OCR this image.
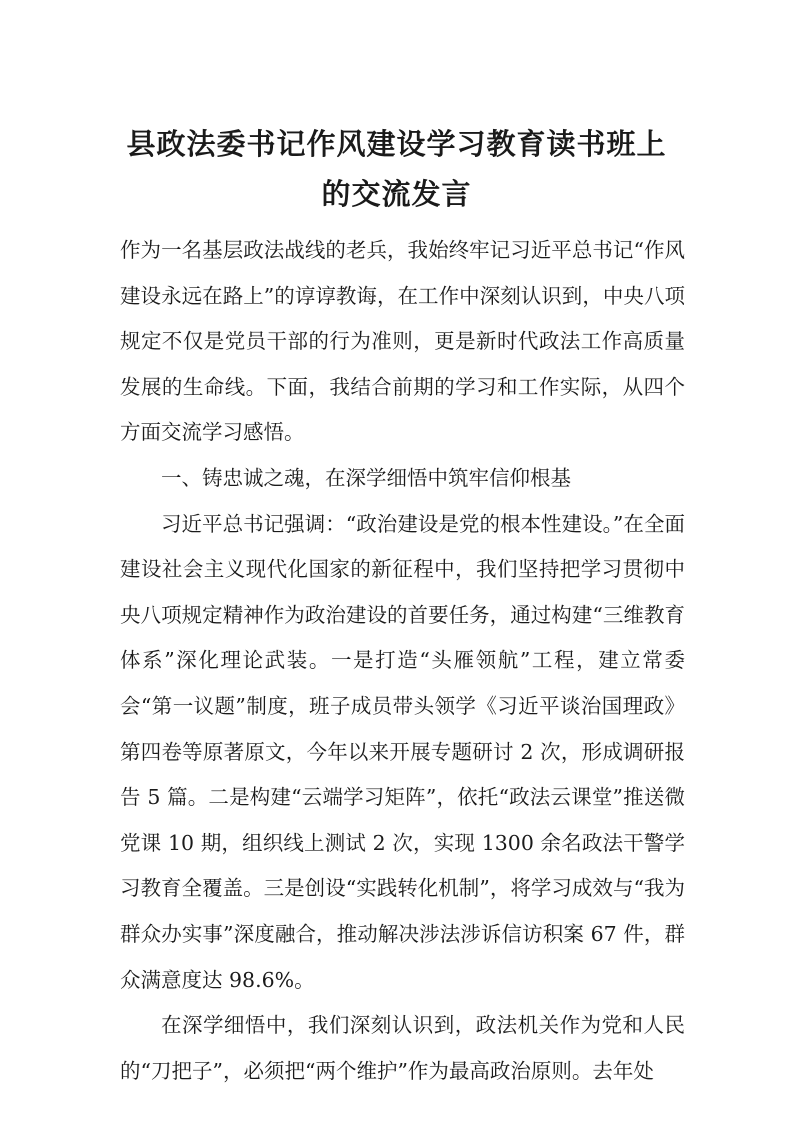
县政法委书记作风建设学习教育读书班上
的交流发言

作为一名基层政法战线的老兵，我始终牢记习近平总书记“作风建设永远在路上”的谆谆教诲，在工作中深刻认识到，中央八项规定不仅是党员干部的行为准则，更是新时代政法工作高质量发展的生命线。下面，我结合前期的学习和工作实际，从四个方面交流学习感悟。

一、铸忠诚之魂，在深学细悟中筑牢信仰根基

习近平总书记强调：“政治建设是党的根本性建设。”在全面建设社会主义现代化国家的新征程中，我们坚持把学习贯彻中央八项规定精神作为政治建设的首要任务，通过构建“三维教育体系”深化理论武装。一是打造“头雁领航”工程，建立常委会“第一议题”制度，班子成员带头领学《习近平谈治国理政》第四卷等原著原文，今年以来开展专题研讨 2 次，形成调研报告 5 篇。二是构建“云端学习矩阵”，依托“政法云课堂”推送微党课 10 期，组织线上测试 2 次，实现 1300 余名政法干警学习教育全覆盖。三是创设“实践转化机制”，将学习成效与“我为群众办实事”深度融合，推动解决涉法涉诉信访积案 67 件，群众满意度达 98.6%。

在深学细悟中，我们深刻认识到，政法机关作为党和人民的“刀把子”，必须把“两个维护”作为最高政治原则。去年处
